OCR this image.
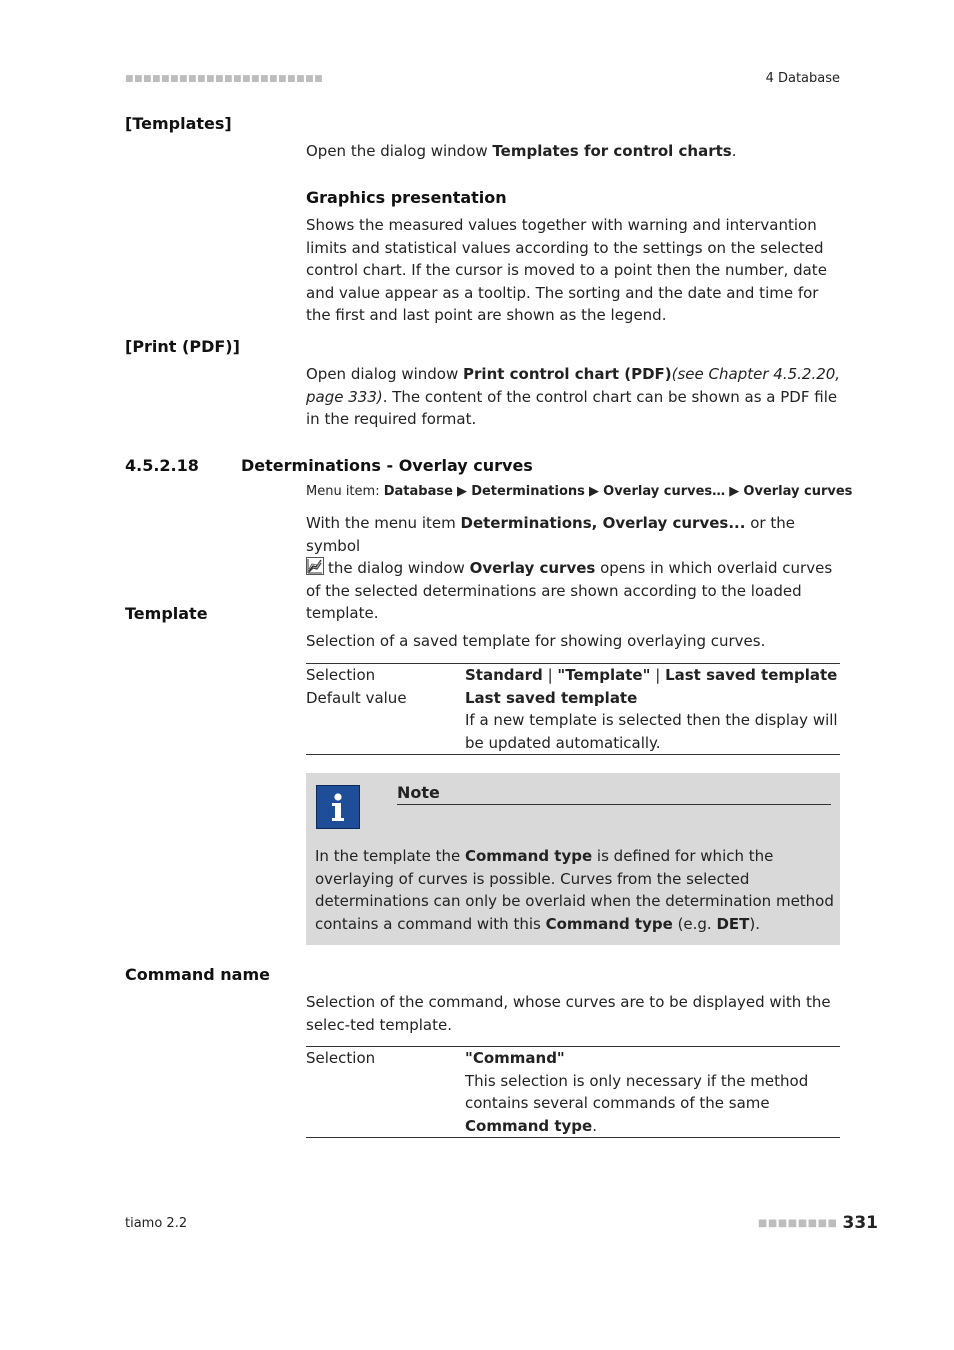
■■■■■■■■■■■■■■■■■■■■■■	4 Database
[Templates]
Open the dialog window Templates for control charts.
Graphics presentation
Shows the measured values together with warning and intervantion limits and statistical values according to the settings on the selected control chart. If the cursor is moved to a point then the number, date and value appear as a tooltip. The sorting and the date and time for the first and last point are shown as the legend.
[Print (PDF)]
Open dialog window Print control chart (PDF)(see Chapter 4.5.2.20, page 333). The content of the control chart can be shown as a PDF file in the required format.
4.5.2.18	Determinations - Overlay curves
Menu item: Database ▶ Determinations ▶ Overlay curves… ▶ Overlay curves
With the menu item Determinations, Overlay curves... or the symbol
the dialog window Overlay curves opens in which overlaid curves of the selected determinations are shown according to the loaded template.
Template
Selection of a saved template for showing overlaying curves.
Selection	Standard | "Template" | Last saved template
Default value	Last saved template
If a new template is selected then the display will be updated automatically.
Note
In the template the Command type is defined for which the overlaying of curves is possible. Curves from the selected determinations can only be overlaid when the determination method contains a command with this Command type (e.g. DET).
Command name
Selection of the command, whose curves are to be displayed with the selec-ted template.
Selection	"Command"
This selection is only necessary if the method contains several commands of the same Command type.
tiamo 2.2	■■■■■■■■ 331
